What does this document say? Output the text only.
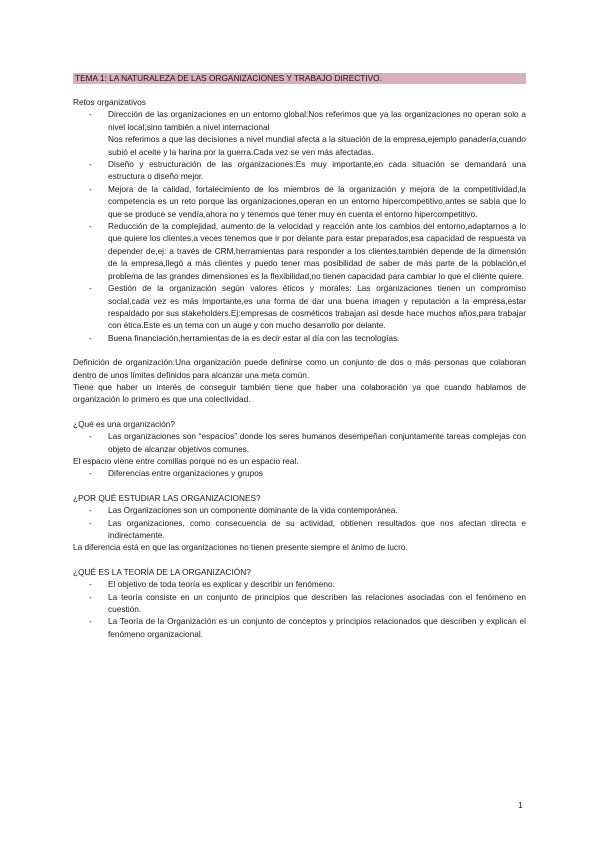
TEMA 1: LA NATURALEZA DE LAS ORGANIZACIONES Y TRABAJO DIRECTIVO.

Retos organizativos

- Dirección de las organizaciones en un entorno global:Nos referimos que ya las organizaciones no operan solo a nivel local,sino también a nivel internacional
Nos referimos a que las decisiones a nivel mundial afecta a la situación de la empresa,ejemplo panadería,cuando subió el aceite y la harina por la guerra.Cada vez se ven más afectadas.
- Diseño y estructuración de las organizaciones:Es muy importante,en cada situación se demandará una estructura o diseño mejor.
- Mejora de la calidad, fortalecimiento de los miembros de la organización y mejora de la competitividad,la competencia es un reto porque las organizaciones,operan en un entorno hipercompetitivo,antes se sabía que lo que se produce se vendía,ahora no y tenemos que tener muy en cuenta el entorno hipercompetitivo.
- Reducción de la complejidad, aumento de la velocidad y reacción ante los cambios del entorno,adaptarnos a lo que quiere los clientes,a veces tenemos que ir por delante para estar preparados,esa capacidad de respuesta va depender de,ej: a través de CRM,herramientas para responder a los clientes,también depende de la dimensión de la empresa,llegó a más clientes y puedo tener mas posibilidad de saber de más parte de la población,el problema de las grandes dimensiones es la flexibilidad,no tienen capacidad para cambiar lo que el cliente quiere.
- Gestión de la organización según valores éticos y morales: Las organizaciones tienen un compromiso social,cada vez es más importante,es una forma de dar una buena imagen y reputación a la empresa,estar respaldado por sus stakeholders.Ej:empresas de cosméticos trabajan así desde hace muchos años,para trabajar con ética.Este es un tema con un auge y con mucho desarrollo por delante.
- Buena financiación,herramientas de ia es decir estar al día con las tecnologías.

Definición de organización:Una organización puede definirse como un conjunto de dos o más personas que colaboran dentro de unos límites definidos para alcanzar una meta común.

Tiene que haber un interés de conseguir también tiene que haber una colaboración ya que cuando hablamos de organización lo primero es que una colectividad.

¿Qué es una organización?

- Las organizaciones son “espacios” donde los seres humanos desempeñan conjuntamente tareas complejas con objeto de alcanzar objetivos comunes.

El espacio viene entre comillas porque no es un espacio real.

- Diferencias entre organizaciones y grupos

¿POR QUÉ ESTUDIAR LAS ORGANIZACIONES?

- Las Organizaciones son un componente dominante de la vida contemporánea.
- Las organizaciones, como consecuencia de su actividad, obtienen resultados que nos afectan directa e indirectamente.

La diferencia está en que las organizaciones no tienen presente siempre el ánimo de lucro.

¿QUÉ ES LA TEORÍA DE LA ORGANIZACIÓN?

- El objetivo de toda teoría es explicar y describir un fenómeno.
- La teoría consiste en un conjunto de principios que describen las relaciones asociadas con el fenómeno en cuestión.
- La Teoría de la Organización es un conjunto de conceptos y principios relacionados que describen y explican el fenómeno organizacional.
1
